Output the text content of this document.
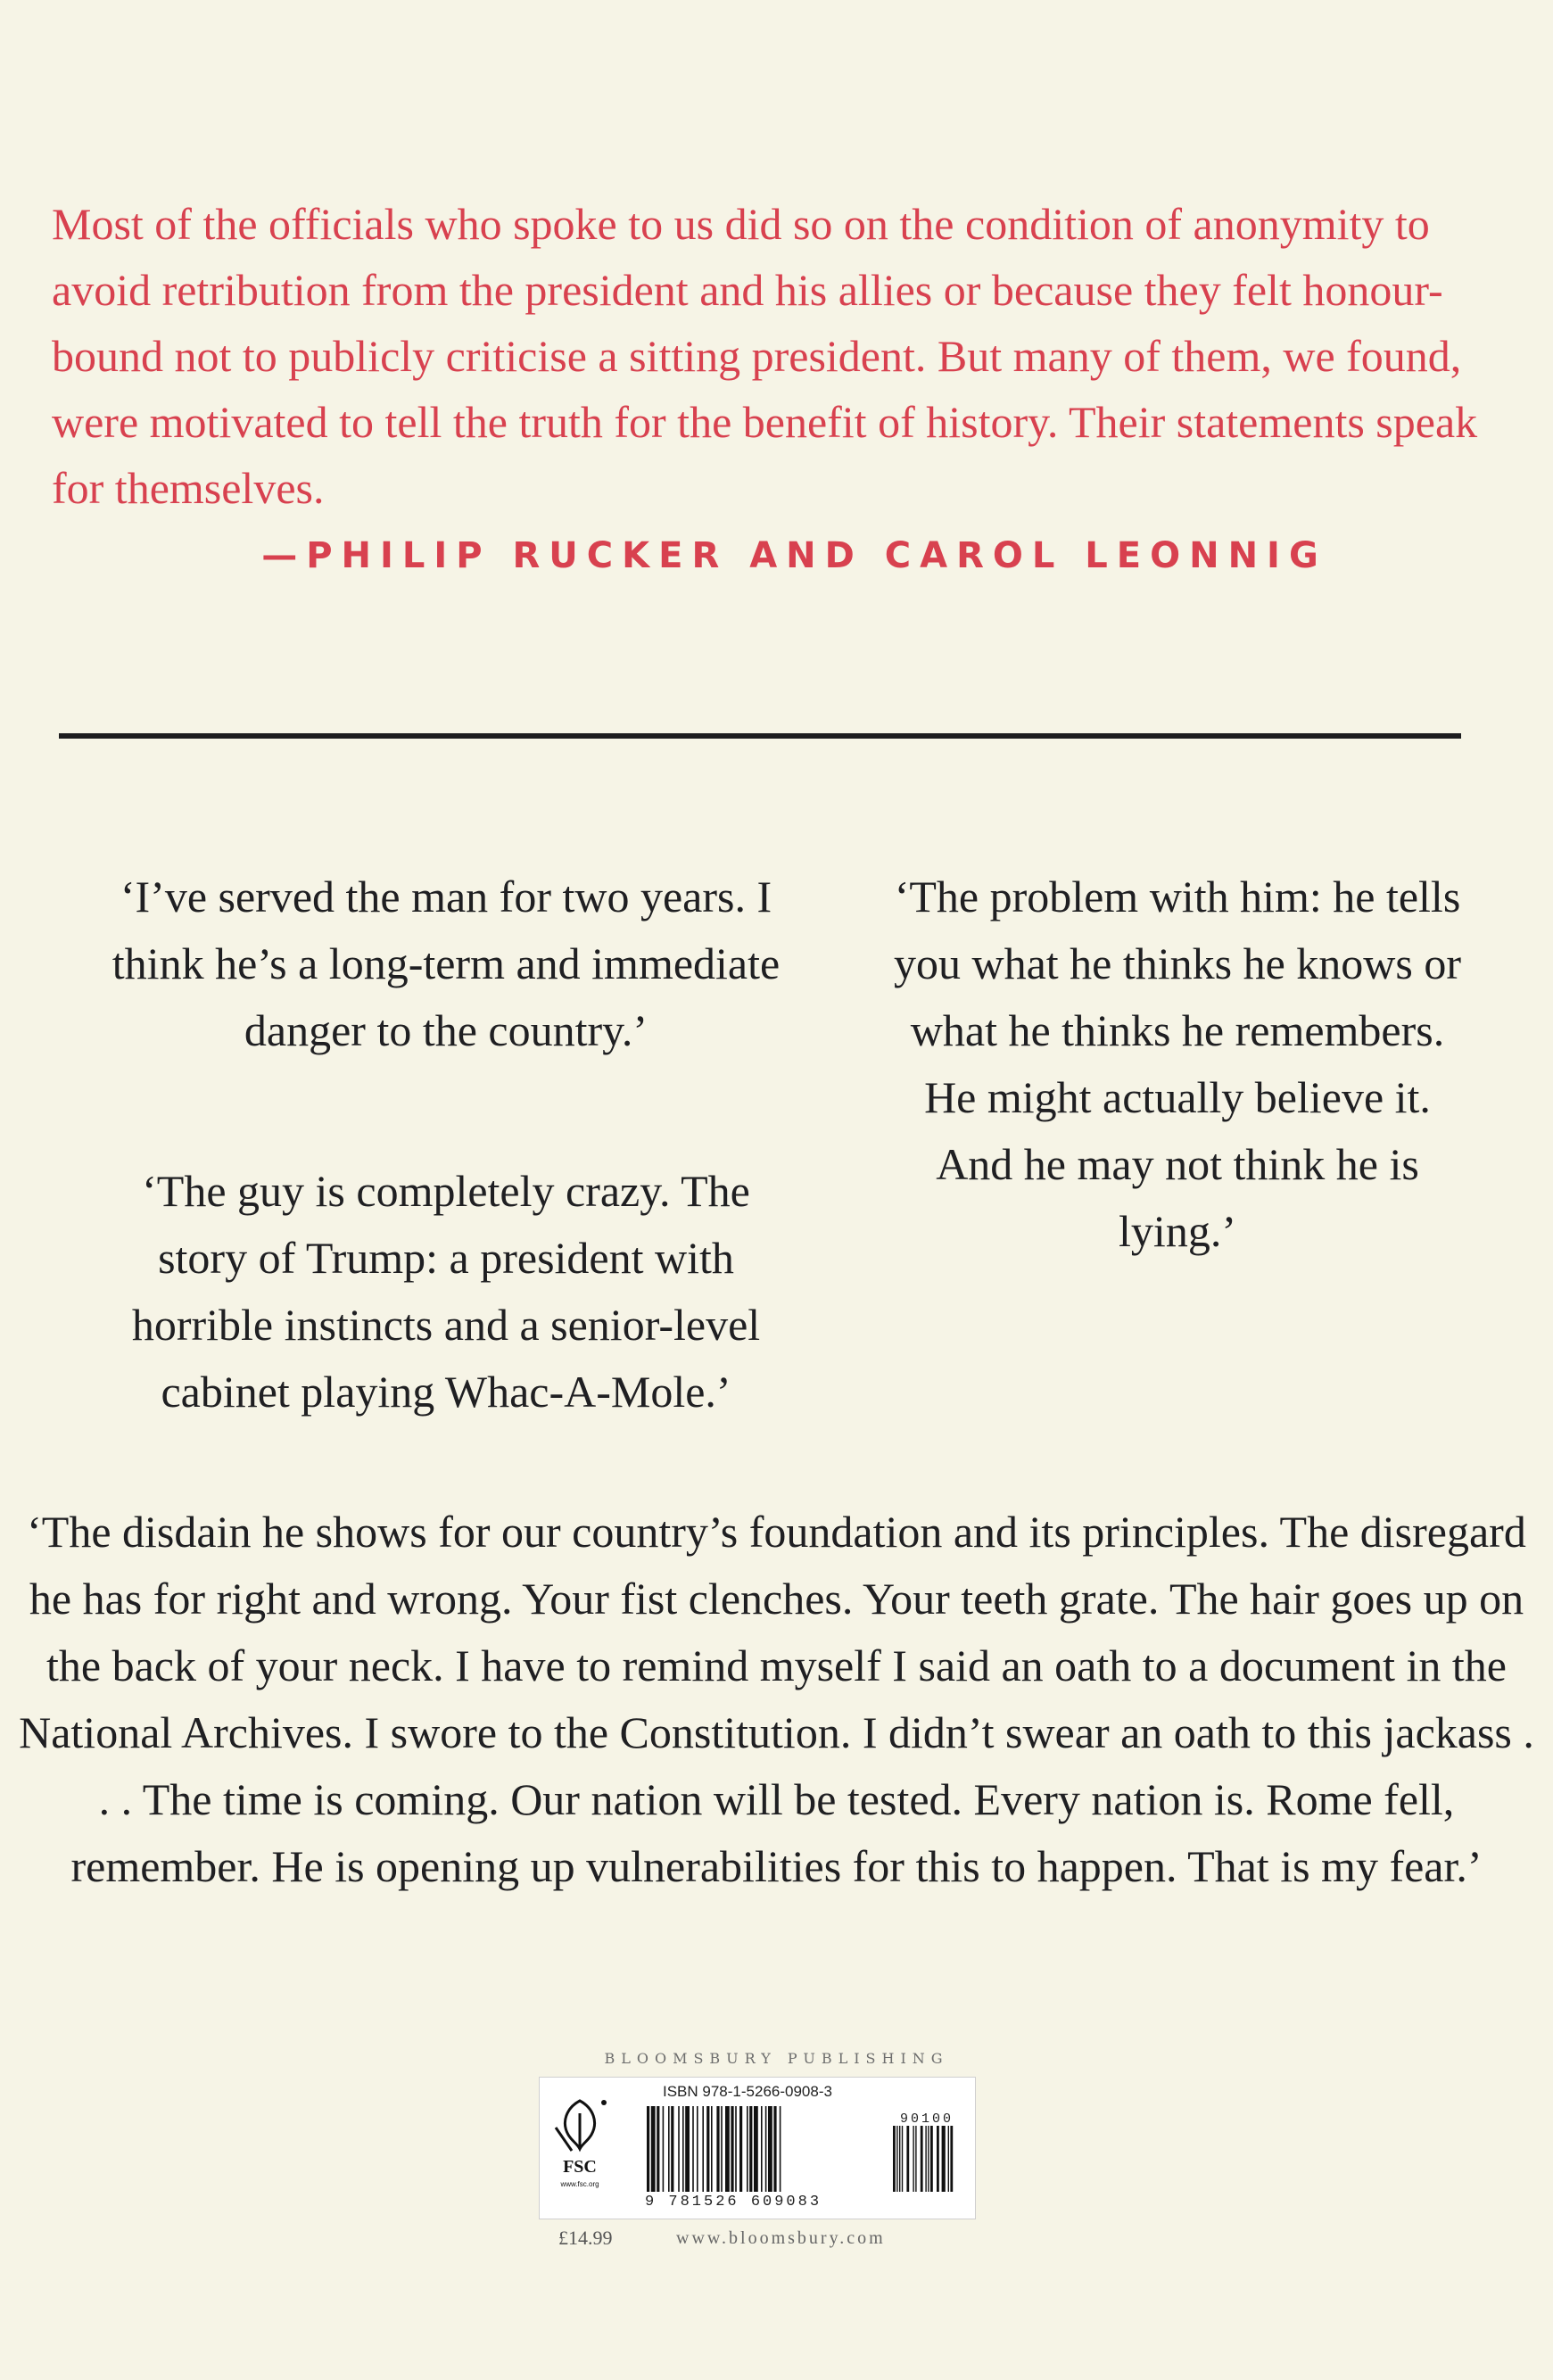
Most of the officials who spoke to us did so on the condition of anonymity to avoid retribution from the president and his allies or because they felt honour-bound not to publicly criticise a sitting president. But many of them, we found, were motivated to tell the truth for the benefit of history. Their statements speak for themselves.

—PHILIP RUCKER AND CAROL LEONNIG

‘I’ve served the man for two years. I think he’s a long-term and immediate danger to the country.’

‘The guy is completely crazy. The story of Trump: a president with horrible instincts and a senior-level cabinet playing Whac-A-Mole.’

‘The problem with him: he tells you what he thinks he knows or what he thinks he remembers. He might actually believe it. And he may not think he is lying.’

‘The disdain he shows for our country’s foundation and its principles. The disregard he has for right and wrong. Your fist clenches. Your teeth grate. The hair goes up on the back of your neck. I have to remind myself I said an oath to a document in the National Archives. I swore to the Constitution. I didn’t swear an oath to this jackass . . . The time is coming. Our nation will be tested. Every nation is. Rome fell, remember. He is opening up vulnerabilities for this to happen. That is my fear.’

BLOOMSBURY PUBLISHING
FSC
www.fsc.org
ISBN 978-1-5266-0908-3
90100
9 781526 609083
£14.99	www.bloomsbury.com
